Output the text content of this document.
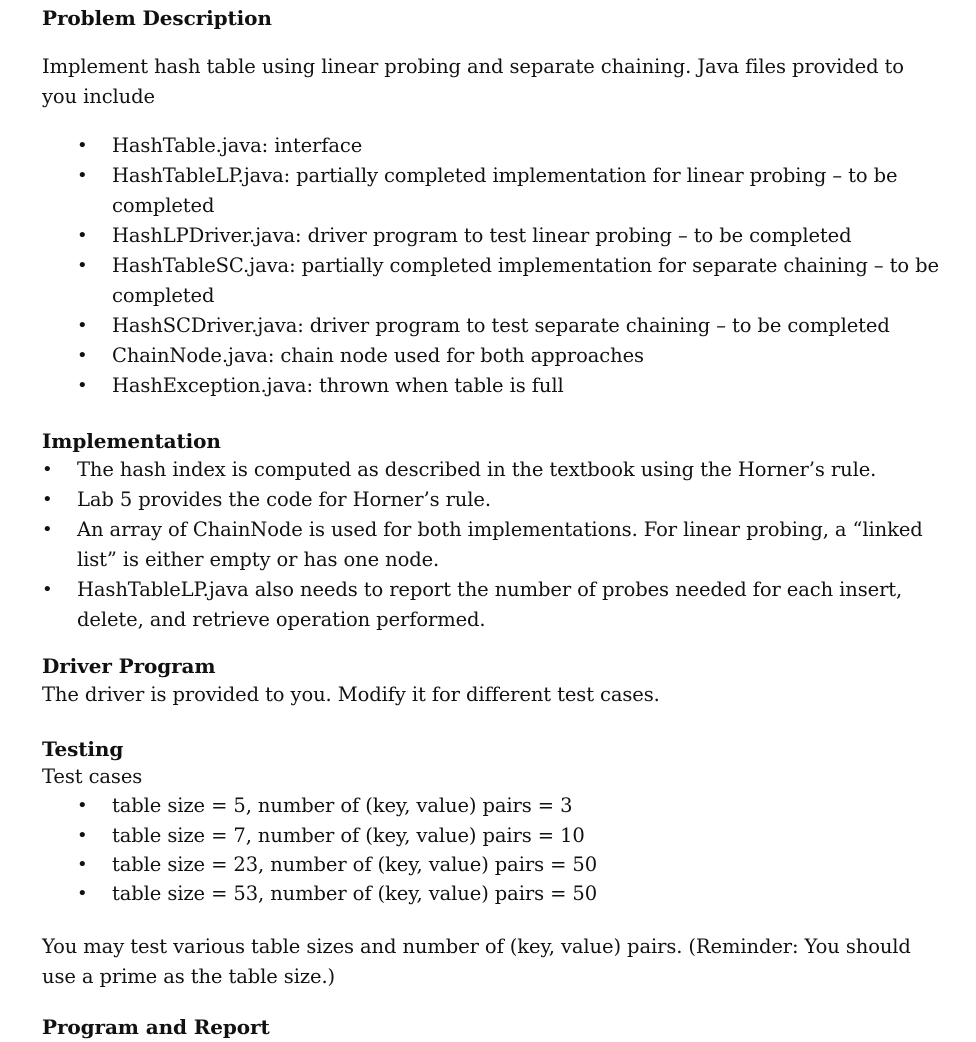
Problem Description
Implement hash table using linear probing and separate chaining. Java files provided to
you include
• HashTable.java: interface
• HashTableLP.java: partially completed implementation for linear probing – to be
completed
• HashLPDriver.java: driver program to test linear probing – to be completed
• HashTableSC.java: partially completed implementation for separate chaining – to be
completed
• HashSCDriver.java: driver program to test separate chaining – to be completed
• ChainNode.java: chain node used for both approaches
• HashException.java: thrown when table is full
Implementation
• The hash index is computed as described in the textbook using the Horner’s rule.
• Lab 5 provides the code for Horner’s rule.
• An array of ChainNode is used for both implementations. For linear probing, a “linked
list” is either empty or has one node.
• HashTableLP.java also needs to report the number of probes needed for each insert,
delete, and retrieve operation performed.
Driver Program
The driver is provided to you. Modify it for different test cases.
Testing
Test cases
• table size = 5, number of (key, value) pairs = 3
• table size = 7, number of (key, value) pairs = 10
• table size = 23, number of (key, value) pairs = 50
• table size = 53, number of (key, value) pairs = 50
You may test various table sizes and number of (key, value) pairs. (Reminder: You should
use a prime as the table size.)
Program and Report
